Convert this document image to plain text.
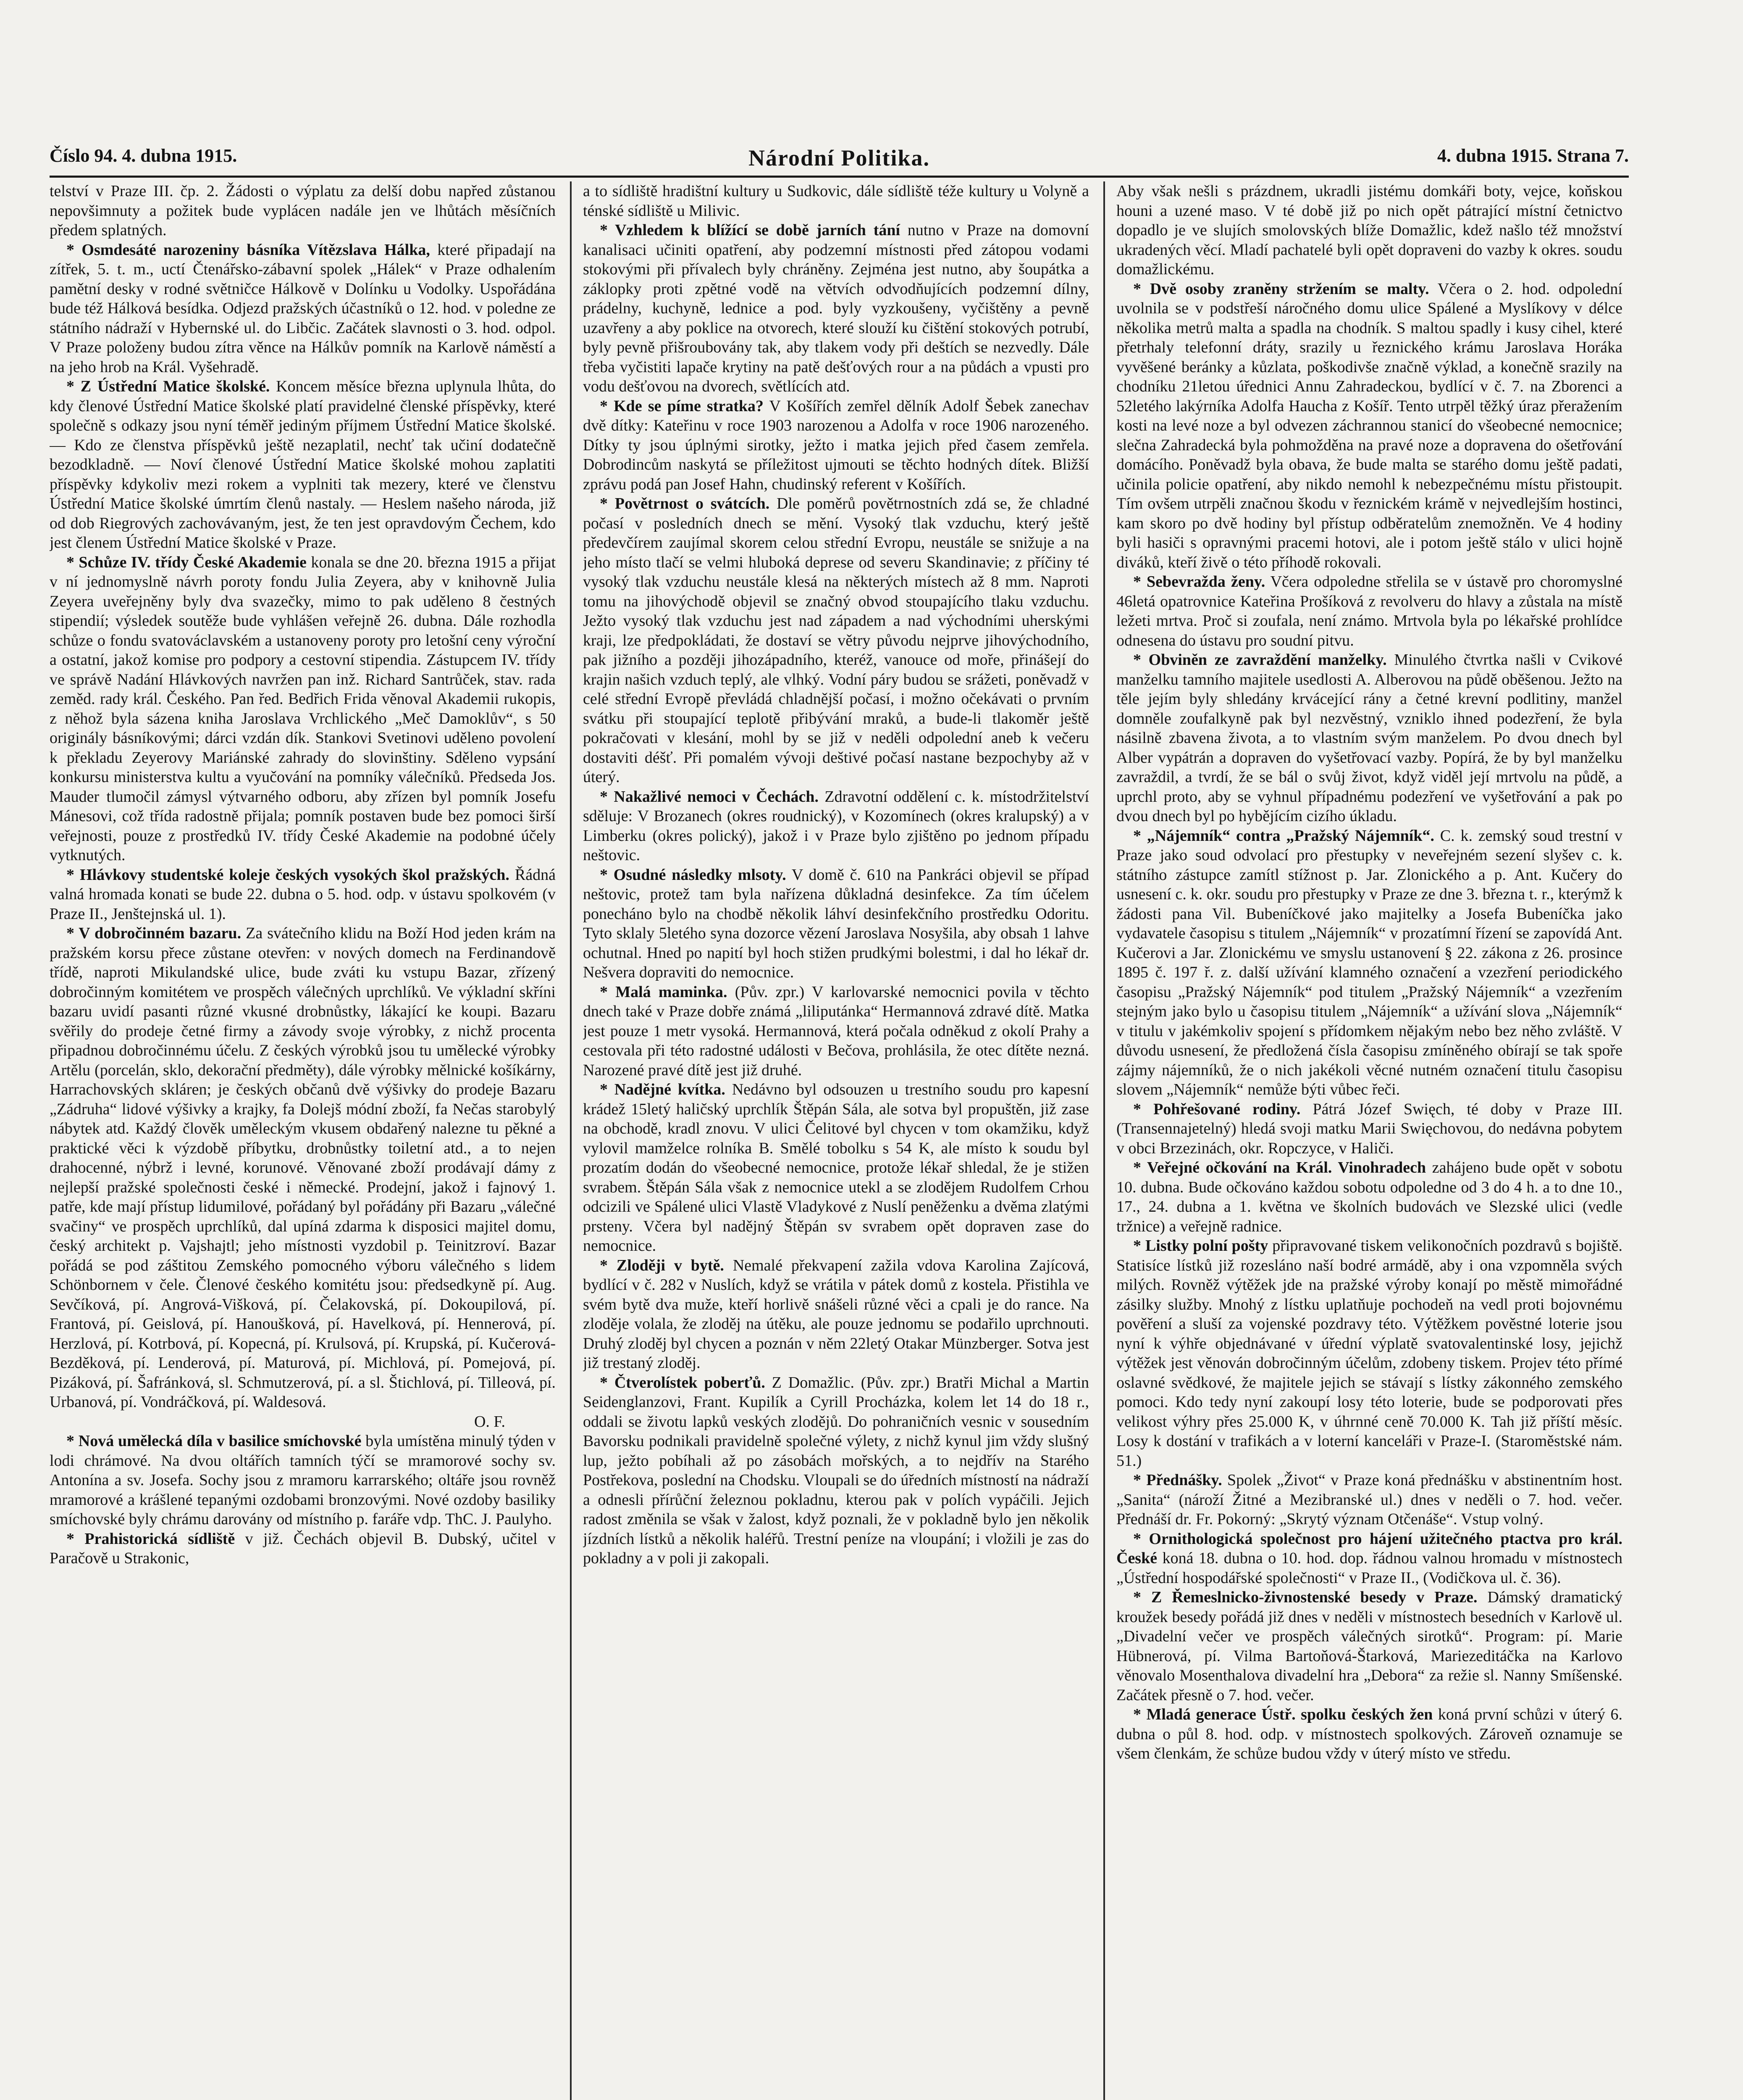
Číslo 94. 4. dubna 1915.	Národní Politika.	4. dubna 1915. Strana 7.

telství v Praze III. čp. 2. Žádosti o výplatu za delší dobu napřed zůstanou nepovšimnuty a požitek bude vyplácen nadále jen ve lhůtách měsíčních předem splatných.

* Osmdesáté narozeniny básníka Vítězslava Hálka, které připadají na zítřek, 5. t. m., uctí Čtenářsko-zábavní spolek „Hálek“ v Praze odhalením pamětní desky v rodné světničce Hálkově v Dolínku u Vodolky. Uspořádána bude též Hálková besídka. Odjezd pražských účastníků o 12. hod. v poledne ze státního nádraží v Hybernské ul. do Libčic. Začátek slavnosti o 3. hod. odpol. V Praze položeny budou zítra věnce na Hálkův pomník na Karlově náměstí a na jeho hrob na Král. Vyšehradě.

* Z Ústřední Matice školské. Koncem měsíce března uplynula lhůta, do kdy členové Ústřední Matice školské platí pravidelné členské příspěvky, které společně s odkazy jsou nyní téměř jediným příjmem Ústřední Matice školské. — Kdo ze členstva příspěvků ještě nezaplatil, nechť tak učiní dodatečně bezodkladně. — Noví členové Ústřední Matice školské mohou zaplatiti příspěvky kdykoliv mezi rokem a vyplniti tak mezery, které ve členstvu Ústřední Matice školské úmrtím členů nastaly. — Heslem našeho národa, již od dob Riegrových zachovávaným, jest, že ten jest opravdovým Čechem, kdo jest členem Ústřední Matice školské v Praze.

* Schůze IV. třídy České Akademie konala se dne 20. března 1915 a přijat v ní jednomyslně návrh poroty fondu Julia Zeyera, aby v knihovně Julia Zeyera uveřejněny byly dva svazečky, mimo to pak uděleno 8 čestných stipendií; výsledek soutěže bude vyhlášen veřejně 26. dubna. Dále rozhodla schůze o fondu svatováclavském a ustanoveny poroty pro letošní ceny výroční a ostatní, jakož komise pro podpory a cestovní stipendia. Zástupcem IV. třídy ve správě Nadání Hlávkových navržen pan inž. Richard Santrůček, stav. rada zeměd. rady král. Českého. Pan řed. Bedřich Frida věnoval Akademii rukopis, z něhož byla sázena kniha Jaroslava Vrchlického „Meč Damoklův“, s 50 originály básníkovými; dárci vzdán dík. Stankovi Svetinovi uděleno povolení k překladu Zeyerovy Mariánské zahrady do slovinštiny. Sděleno vypsání konkursu ministerstva kultu a vyučování na pomníky válečníků. Předseda Jos. Mauder tlumočil zámysl výtvarného odboru, aby zřízen byl pomník Josefu Mánesovi, což třída radostně přijala; pomník postaven bude bez pomoci širší veřejnosti, pouze z prostředků IV. třídy České Akademie na podobné účely vytknutých.

* Hlávkovy studentské koleje českých vysokých škol pražských. Řádná valná hromada konati se bude 22. dubna o 5. hod. odp. v ústavu spolkovém (v Praze II., Jenštejnská ul. 1).

* V dobročinném bazaru. Za svátečního klidu na Boží Hod jeden krám na pražském korsu přece zůstane otevřen: v nových domech na Ferdinandově třídě, naproti Mikulandské ulice, bude zváti ku vstupu Bazar, zřízený dobročinným komitétem ve prospěch válečných uprchlíků. Ve výkladní skříni bazaru uvidí pasanti různé vkusné drobnůstky, lákající ke koupi. Bazaru svěřily do prodeje četné firmy a závody svoje výrobky, z nichž procenta připadnou dobročinnému účelu. Z českých výrobků jsou tu umělecké výrobky Artělu (porcelán, sklo, dekorační předměty), dále výrobky mělnické košíkárny, Harrachovských skláren; je českých občanů dvě výšivky do prodeje Bazaru „Zádruha“ lidové výšivky a krajky, fa Dolejš módní zboží, fa Nečas starobylý nábytek atd. Každý člověk uměleckým vkusem obdařený nalezne tu pěkné a praktické věci k výzdobě příbytku, drobnůstky toiletní atd., a to nejen drahocenné, nýbrž i levné, korunové. Věnované zboží prodávají dámy z nejlepší pražské společnosti české i německé. Prodejní, jakož i fajnový 1. patře, kde mají přístup lidumilové, pořádaný byl pořádány při Bazaru „válečné svačiny“ ve prospěch uprchlíků, dal upíná zdarma k disposici majitel domu, český architekt p. Vajshajtl; jeho místnosti vyzdobil p. Teinitzroví. Bazar pořádá se pod záštitou Zemského pomocného výboru válečného s lidem Schönbornem v čele. Členové českého komitétu jsou: předsedkyně pí. Aug. Sevčíková, pí. Angrová-Višková, pí. Čelakovská, pí. Dokoupilová, pí. Frantová, pí. Geislová, pí. Hanoušková, pí. Havelková, pí. Hennerová, pí. Herzlová, pí. Kotrbová, pí. Kopecná, pí. Krulsová, pí. Krupská, pí. Kučerová-Bezděková, pí. Lenderová, pí. Maturová, pí. Michlová, pí. Pomejová, pí. Pizáková, pí. Šafránková, sl. Schmutzerová, pí. a sl. Štichlová, pí. Tilleová, pí. Urbanová, pí. Vondráčková, pí. Waldesová.

O. F.

* Nová umělecká díla v basilice smíchovské byla umístěna minulý týden v lodi chrámové. Na dvou oltářích tamních týčí se mramorové sochy sv. Antonína a sv. Josefa. Sochy jsou z mramoru karrarského; oltáře jsou rovněž mramorové a krášlené tepanými ozdobami bronzovými. Nové ozdoby basiliky smíchovské byly chrámu darovány od místního p. faráře vdp. ThC. J. Paulyho.

* Prahistorická sídliště v již. Čechách objevil B. Dubský, učitel v Paračově u Strakonic,

a to sídliště hradištní kultury u Sudkovic, dále sídliště téže kultury u Volyně a ténské sídliště u Milivic.

* Vzhledem k blížící se době jarních tání nutno v Praze na domovní kanalisaci učiniti opatření, aby podzemní místnosti před zátopou vodami stokovými při přívalech byly chráněny. Zejména jest nutno, aby šoupátka a záklopky proti zpětné vodě na větvích odvodňujících podzemní dílny, prádelny, kuchyně, lednice a pod. byly vyzkoušeny, vyčištěny a pevně uzavřeny a aby poklice na otvorech, které slouží ku čištění stokových potrubí, byly pevně přišroubovány tak, aby tlakem vody při deštích se nezvedly. Dále třeba vyčistiti lapače krytiny na patě dešťových rour a na půdách a vpusti pro vodu dešťovou na dvorech, světlících atd.

* Kde se píme stratka? V Košířích zemřel dělník Adolf Šebek zanechav dvě dítky: Kateřinu v roce 1903 narozenou a Adolfa v roce 1906 narozeného. Dítky ty jsou úplnými sirotky, ježto i matka jejich před časem zemřela. Dobrodincům naskytá se příležitost ujmouti se těchto hodných dítek. Bližší zprávu podá pan Josef Hahn, chudinský referent v Košířích.

* Povětrnost o svátcích. Dle poměrů povětrnostních zdá se, že chladné počasí v posledních dnech se mění. Vysoký tlak vzduchu, který ještě předevčírem zaujímal skorem celou střední Evropu, neustále se snižuje a na jeho místo tlačí se velmi hluboká deprese od severu Skandinavie; z příčiny té vysoký tlak vzduchu neustále klesá na některých místech až 8 mm. Naproti tomu na jihovýchodě objevil se značný obvod stoupajícího tlaku vzduchu. Ježto vysoký tlak vzduchu jest nad západem a nad východními uherskými kraji, lze předpokládati, že dostaví se větry původu nejprve jihovýchodního, pak jižního a později jihozápadního, kteréž, vanouce od moře, přinášejí do krajin našich vzduch teplý, ale vlhký. Vodní páry budou se srážeti, poněvadž v celé střední Evropě převládá chladnější počasí, i možno očekávati o prvním svátku při stoupající teplotě přibývání mraků, a bude-li tlakoměr ještě pokračovati v klesání, mohl by se již v neděli odpolední aneb k večeru dostaviti déšť. Při pomalém vývoji deštivé počasí nastane bezpochyby až v úterý.

* Nakažlivé nemoci v Čechách. Zdravotní oddělení c. k. místodržitelství sděluje: V Brozanech (okres roudnický), v Kozomínech (okres kralupský) a v Limberku (okres polický), jakož i v Praze bylo zjištěno po jednom případu neštovic.

* Osudné následky mlsoty. V domě č. 610 na Pankráci objevil se případ neštovic, protež tam byla nařízena důkladná desinfekce. Za tím účelem ponecháno bylo na chodbě několik láhví desinfekčního prostředku Odoritu. Tyto sklaly 5letého syna dozorce vězení Jaroslava Nosyšila, aby obsah 1 lahve ochutnal. Hned po napití byl hoch stižen prudkými bolestmi, i dal ho lékař dr. Nešvera dopraviti do nemocnice.

* Malá maminka. (Pův. zpr.) V karlovarské nemocnici povila v těchto dnech také v Praze dobře známá „liliputánka“ Hermannová zdravé dítě. Matka jest pouze 1 metr vysoká. Hermannová, která počala odněkud z okolí Prahy a cestovala při této radostné události v Bečova, prohlásila, že otec dítěte nezná. Narozené pravé dítě jest již druhé.

* Nadějné kvítka. Nedávno byl odsouzen u trestního soudu pro kapesní krádež 15letý haličský uprchlík Štěpán Sála, ale sotva byl propuštěn, již zase na obchodě, kradl znovu. V ulici Čelitové byl chycen v tom okamžiku, když vylovil mamželce rolníka B. Smělé tobolku s 54 K, ale místo k soudu byl prozatím dodán do všeobecné nemocnice, protože lékař shledal, že je stižen svrabem. Štěpán Sála však z nemocnice utekl a se zlodějem Rudolfem Crhou odcizili ve Spálené ulici Vlastě Vladykové z Nuslí peněženku a dvěma zlatými prsteny. Včera byl nadějný Štěpán sv svrabem opět dopraven zase do nemocnice.

* Zloději v bytě. Nemalé překvapení zažila vdova Karolina Zajícová, bydlící v č. 282 v Nuslích, když se vrátila v pátek domů z kostela. Přistihla ve svém bytě dva muže, kteří horlivě snášeli různé věci a cpali je do rance. Na zloděje volala, že zloděj na útěku, ale pouze jednomu se podařilo uprchnouti. Druhý zloděj byl chycen a poznán v něm 22letý Otakar Münzberger. Sotva jest již trestaný zloděj.

* Čtverolístek poberťů. Z Domažlic. (Pův. zpr.) Bratři Michal a Martin Seidenglanzovi, Frant. Kupilík a Cyrill Procházka, kolem let 14 do 18 r., oddali se životu lapků veských zlodějů. Do pohraničních vesnic v sousedním Bavorsku podnikali pravidelně společné výlety, z nichž kynul jim vždy slušný lup, ježto pobíhali až po zásobách mořských, a to nejdřív na Starého Postřekova, poslední na Chodsku. Vloupali se do úředních místností na nádraží a odnesli přírůční železnou pokladnu, kterou pak v polích vypáčili. Jejich radost změnila se však v žalost, když poznali, že v pokladně bylo jen několik jízdních lístků a několik haléřů. Trestní peníze na vloupání; i vložili je zas do pokladny a v poli ji zakopali.

Aby však nešli s prázdnem, ukradli jistému domkáři boty, vejce, koňskou houni a uzené maso. V té době již po nich opět pátrající místní četnictvo dopadlo je ve slujích smolovských blíže Domažlic, kdež našlo též množství ukradených věcí. Mladí pachatelé byli opět dopraveni do vazby k okres. soudu domažlickému.

* Dvě osoby zraněny stržením se malty. Včera o 2. hod. odpolední uvolnila se v podstřeší náročného domu ulice Spálené a Myslíkovy v délce několika metrů malta a spadla na chodník. S maltou spadly i kusy cihel, které přetrhaly telefonní dráty, srazily u řeznického krámu Jaroslava Horáka vyvěšené beránky a kůzlata, poškodivše značně výklad, a konečně srazily na chodníku 21letou úřednici Annu Zahradeckou, bydlící v č. 7. na Zborenci a 52letého lakýrníka Adolfa Haucha z Košíř. Tento utrpěl těžký úraz přeražením kosti na levé noze a byl odvezen záchrannou stanicí do všeobecné nemocnice; slečna Zahradecká byla pohmožděna na pravé noze a dopravena do ošetřování domácího. Poněvadž byla obava, že bude malta se starého domu ještě padati, učinila policie opatření, aby nikdo nemohl k nebezpečnému místu přistoupit. Tím ovšem utrpěli značnou škodu v řeznickém krámě v nejvedlejším hostinci, kam skoro po dvě hodiny byl přístup odběratelům znemožněn. Ve 4 hodiny byli hasiči s opravnými pracemi hotovi, ale i potom ještě stálo v ulici hojně diváků, kteří živě o této příhodě rokovali.

* Sebevražda ženy. Včera odpoledne střelila se v ústavě pro choromyslné 46letá opatrovnice Kateřina Prošíková z revolveru do hlavy a zůstala na místě ležeti mrtva. Proč si zoufala, není známo. Mrtvola byla po lékařské prohlídce odnesena do ústavu pro soudní pitvu.

* Obviněn ze zavraždění manželky. Minulého čtvrtka našli v Cvikové manželku tamního majitele usedlosti A. Alberovou na půdě oběšenou. Ježto na těle jejím byly shledány krvácející rány a četné krevní podlitiny, manžel domněle zoufalkyně pak byl nezvěstný, vzniklo ihned podezření, že byla násilně zbavena života, a to vlastním svým manželem. Po dvou dnech byl Alber vypátrán a dopraven do vyšetřovací vazby. Popírá, že by byl manželku zavraždil, a tvrdí, že se bál o svůj život, když viděl její mrtvolu na půdě, a uprchl proto, aby se vyhnul případnému podezření ve vyšetřování a pak po dvou dnech byl po hybějícím cizího úkladu.

* „Nájemník“ contra „Pražský Nájemník“. C. k. zemský soud trestní v Praze jako soud odvolací pro přestupky v neveřejném sezení slyšev c. k. státního zástupce zamítl stížnost p. Jar. Zlonického a p. Ant. Kučery do usnesení c. k. okr. soudu pro přestupky v Praze ze dne 3. března t. r., kterýmž k žádosti pana Vil. Bubeníčkové jako majitelky a Josefa Bubeníčka jako vydavatele časopisu s titulem „Nájemník“ v prozatímní řízení se zapovídá Ant. Kučerovi a Jar. Zlonickému ve smyslu ustanovení § 22. zákona z 26. prosince 1895 č. 197 ř. z. další užívání klamného označení a vzezření periodického časopisu „Pražský Nájemník“ pod titulem „Pražský Nájemník“ a vzezřením stejným jako bylo u časopisu titulem „Nájemník“ a užívání slova „Nájemník“ v titulu v jakémkoliv spojení s přídomkem nějakým nebo bez něho zvláště. V důvodu usnesení, že předložená čísla časopisu zmíněného obírají se tak spoře zájmy nájemníků, že o nich jakékoli věcné nutném označení titulu časopisu slovem „Nájemník“ nemůže býti vůbec řeči.

* Pohřešované rodiny. Pátrá Józef Swięch, té doby v Praze III. (Transennajetelný) hledá svoji matku Marii Swięchovou, do nedávna pobytem v obci Brzezinách, okr. Ropczyce, v Haliči.

* Veřejné očkování na Král. Vinohradech zahájeno bude opět v sobotu 10. dubna. Bude očkováno každou sobotu odpoledne od 3 do 4 h. a to dne 10., 17., 24. dubna a 1. května ve školních budovách ve Slezské ulici (vedle tržnice) a veřejně radnice.

* Listky polní pošty připravované tiskem velikonočních pozdravů s bojiště. Statisíce lístků již rozesláno naší bodré armádě, aby i ona vzpomněla svých milých. Rovněž výtěžek jde na pražské výroby konají po městě mimořádné zásilky služby. Mnohý z lístku uplatňuje pochodeň na vedl proti bojovnému pověření a sluší za vojenské pozdravy této. Výtěžkem pověstné loterie jsou nyní k výhře objednávané v úřední výplatě svatovalentinské losy, jejichž výtěžek jest věnován dobročinným účelům, zdobeny tiskem. Projev této přímé oslavné svědkové, že majitele jejich se stávají s lístky zákonného zemského pomoci. Kdo tedy nyní zakoupí losy této loterie, bude se podporovati přes velikost výhry přes 25.000 K, v úhrnné ceně 70.000 K. Tah již příští měsíc. Losy k dostání v trafikách a v loterní kanceláři v Praze-I. (Staroměstské nám. 51.)

* Přednášky. Spolek „Život“ v Praze koná přednášku v abstinentním host. „Sanita“ (nároží Žitné a Mezibranské ul.) dnes v neděli o 7. hod. večer. Přednáší dr. Fr. Pokorný: „Skrytý význam Otčenáše“. Vstup volný.

* Ornithologická společnost pro hájení užitečného ptactva pro král. České koná 18. dubna o 10. hod. dop. řádnou valnou hromadu v místnostech „Ústřední hospodářské společnosti“ v Praze II., (Vodičkova ul. č. 36).

* Z Řemeslnicko-živnostenské besedy v Praze. Dámský dramatický kroužek besedy pořádá již dnes v neděli v místnostech besedních v Karlově ul. „Divadelní večer ve prospěch válečných sirotků“. Program: pí. Marie Hübnerová, pí. Vilma Bartoňová-Štarková, Mariezeditáčka na Karlovo věnovalo Mosenthalova divadelní hra „Debora“ za režie sl. Nanny Smíšenské. Začátek přesně o 7. hod. večer.

* Mladá generace Ústř. spolku českých žen koná první schůzi v úterý 6. dubna o půl 8. hod. odp. v místnostech spolkových. Zároveň oznamuje se všem členkám, že schůze budou vždy v úterý místo ve středu.
